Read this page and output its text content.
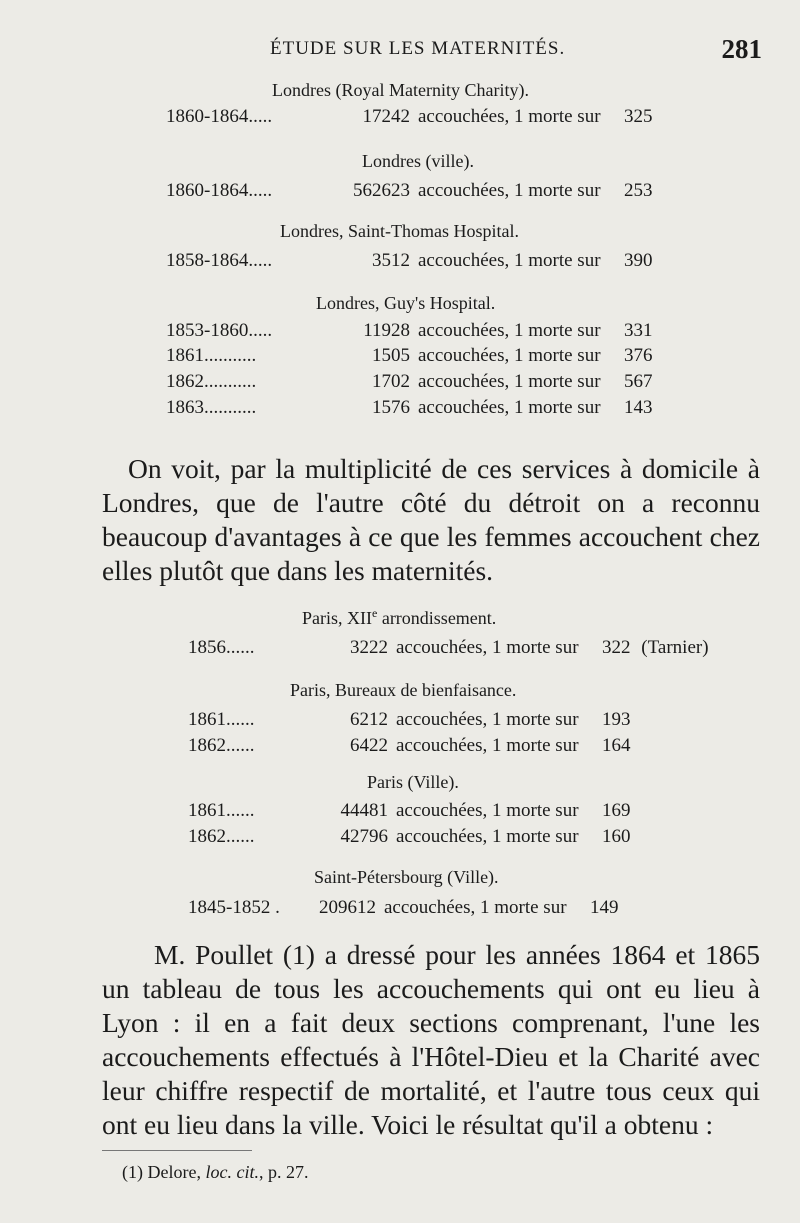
ÉTUDE SUR LES MATERNITÉS.	281
Londres (Royal Maternity Charity).
1860-1864.....	17242 accouchées, 1 morte sur 325
Londres (ville).
1860-1864.....	562623 accouchées, 1 morte sur 253
Londres, Saint-Thomas Hospital.
1858-1864.....	3512 accouchées, 1 morte sur 390
Londres, Guy's Hospital.
1853-1860.....	11928 accouchées, 1 morte sur 331
1861...........	1505 accouchées, 1 morte sur 376
1862...........	1702 accouchées, 1 morte sur 567
1863...........	1576 accouchées, 1 morte sur 143
On voit, par la multiplicité de ces services à domicile à Londres, que de l'autre côté du détroit on a reconnu beaucoup d'avantages à ce que les femmes accouchent chez elles plutôt que dans les maternités.
Paris, XIIe arrondissement.
1856......	3222 accouchées, 1 morte sur 322 (Tarnier)
Paris, Bureaux de bienfaisance.
1861......	6212 accouchées, 1 morte sur 193
1862......	6422 accouchées, 1 morte sur 164
Paris (Ville).
1861......	44481 accouchées, 1 morte sur 169
1862......	42796 accouchées, 1 morte sur 160
Saint-Pétersbourg (Ville).
1845-1852 . 209612 accouchées, 1 morte sur 149
M. Poullet (1) a dressé pour les années 1864 et 1865 un tableau de tous les accouchements qui ont eu lieu à Lyon : il en a fait deux sections comprenant, l'une les accouchements effectués à l'Hôtel-Dieu et la Charité avec leur chiffre respectif de mortalité, et l'autre tous ceux qui ont eu lieu dans la ville. Voici le résultat qu'il a obtenu :
(1) Delore, loc. cit., p. 27.
